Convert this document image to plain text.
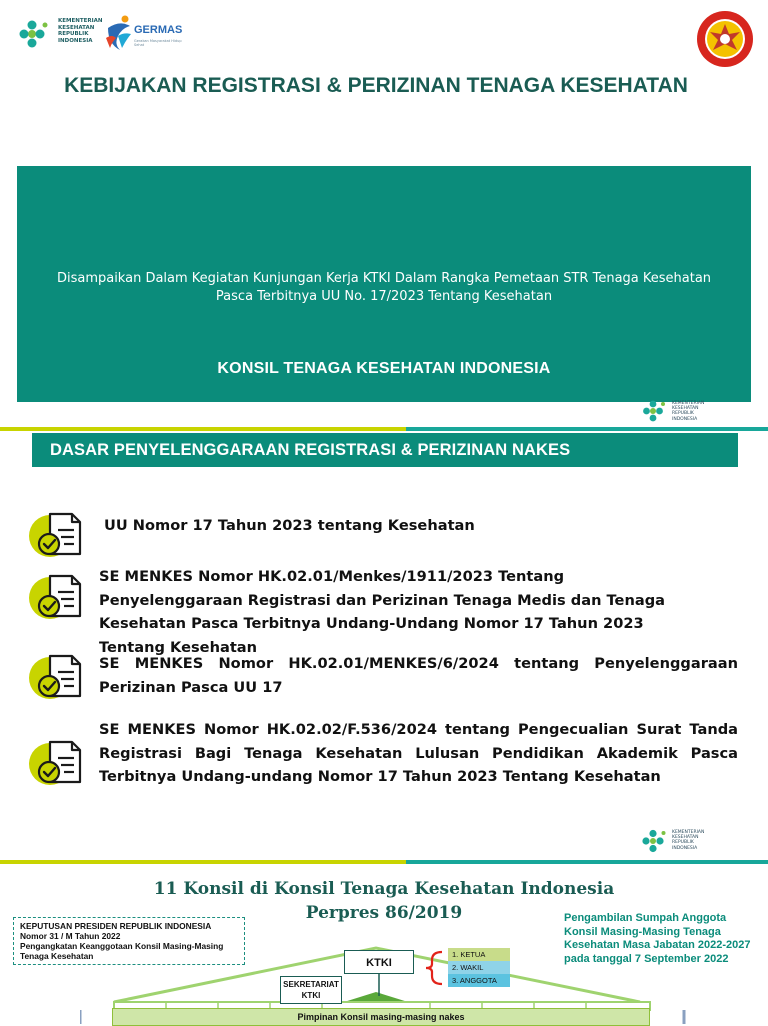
KEMENTERIAN
KESEHATAN
REPUBLIK
INDONESIA
GERMAS
Gerakan Masyarakat Hidup Sehat
KEBIJAKAN REGISTRASI & PERIZINAN TENAGA KESEHATAN
Disampaikan Dalam Kegiatan Kunjungan Kerja KTKI Dalam Rangka Pemetaan STR Tenaga Kesehatan Pasca Terbitnya UU No. 17/2023 Tentang Kesehatan
KONSIL TENAGA KESEHATAN INDONESIA
KEMENTERIAN
KESEHATAN
REPUBLIK
INDONESIA
DASAR PENYELENGGARAAN REGISTRASI & PERIZINAN NAKES
UU Nomor 17 Tahun 2023 tentang Kesehatan
SE MENKES Nomor HK.02.01/Menkes/1911/2023 Tentang Penyelenggaraan Registrasi dan Perizinan Tenaga Medis dan Tenaga Kesehatan Pasca Terbitnya Undang-Undang Nomor 17 Tahun 2023 Tentang Kesehatan
SE MENKES Nomor HK.02.01/MENKES/6/2024 tentang Penyelenggaraan Perizinan Pasca UU 17
SE MENKES Nomor HK.02.02/F.536/2024 tentang Pengecualian Surat Tanda Registrasi Bagi Tenaga Kesehatan Lulusan Pendidikan Akademik Pasca Terbitnya Undang-undang Nomor 17 Tahun 2023 Tentang Kesehatan
KEMENTERIAN
KESEHATAN
REPUBLIK
INDONESIA
11 Konsil di Konsil Tenaga Kesehatan Indonesia
Perpres 86/2019
KEPUTUSAN PRESIDEN REPUBLIK INDONESIA
Nomor 31 / M Tahun 2022
Pengangkatan Keanggotaan Konsil Masing-Masing Tenaga Kesehatan
Pengambilan Sumpah Anggota Konsil Masing-Masing Tenaga Kesehatan Masa Jabatan 2022-2027 pada tanggal 7 September 2022
KTKI
1. KETUA
2. WAKIL
3. ANGGOTA
SEKRETARIAT
KTKI
Pimpinan Konsil masing-masing nakes
